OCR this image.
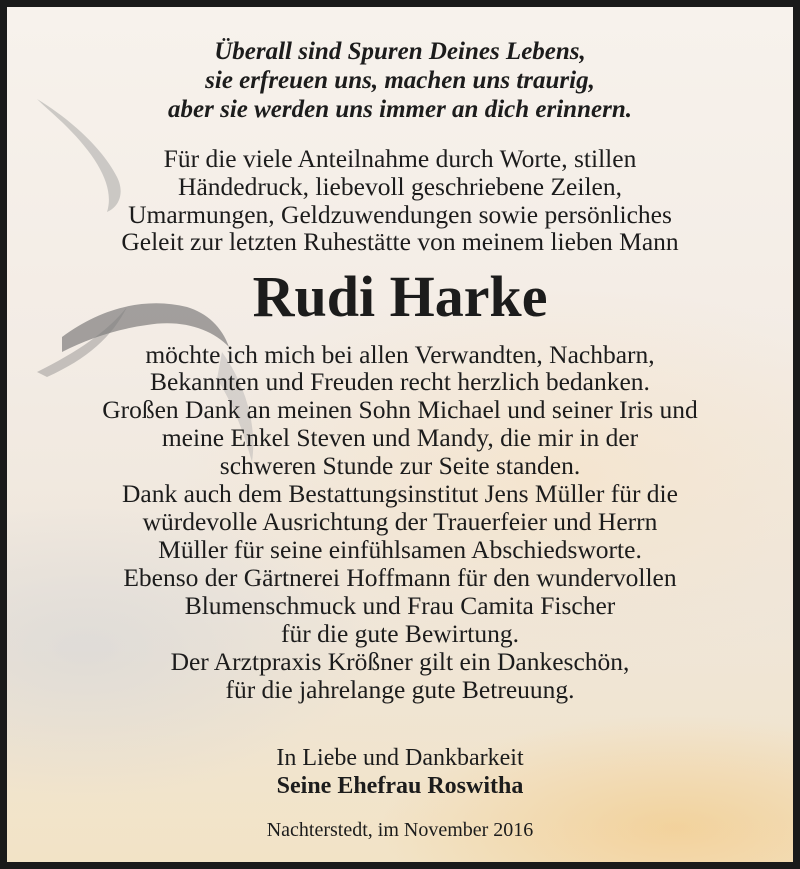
Überall sind Spuren Deines Lebens,
sie erfreuen uns, machen uns traurig,
aber sie werden uns immer an dich erinnern.
Für die viele Anteilnahme durch Worte, stillen
Händedruck, liebevoll geschriebene Zeilen,
Umarmungen, Geldzuwendungen sowie persönliches
Geleit zur letzten Ruhestätte von meinem lieben Mann
Rudi Harke
möchte ich mich bei allen Verwandten, Nachbarn,
Bekannten und Freuden recht herzlich bedanken.
Großen Dank an meinen Sohn Michael und seiner Iris und
meine Enkel Steven und Mandy, die mir in der
schweren Stunde zur Seite standen.
Dank auch dem Bestattungsinstitut Jens Müller für die
würdevolle Ausrichtung der Trauerfeier und Herrn
Müller für seine einfühlsamen Abschiedsworte.
Ebenso der Gärtnerei Hoffmann für den wundervollen
Blumenschmuck und Frau Camita Fischer
für die gute Bewirtung.
Der Arztpraxis Krößner gilt ein Dankeschön,
für die jahrelange gute Betreuung.
In Liebe und Dankbarkeit
Seine Ehefrau Roswitha
Nachterstedt, im November 2016
